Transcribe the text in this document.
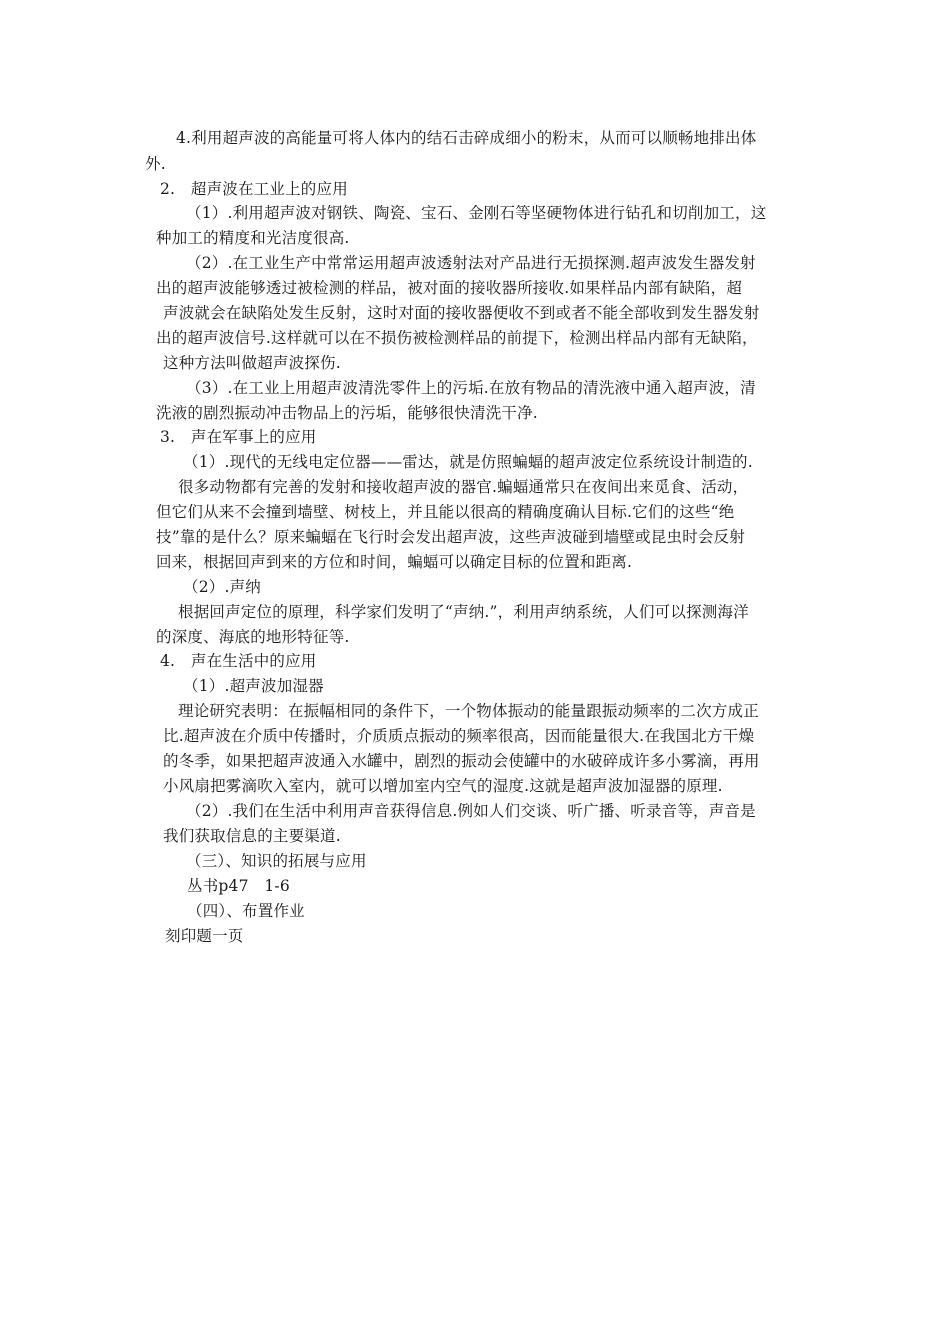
4.利用超声波的高能量可将人体内的结石击碎成细小的粉末，从而可以顺畅地排出体
外.
2.　超声波在工业上的应用
（1）.利用超声波对钢铁、陶瓷、宝石、金刚石等坚硬物体进行钻孔和切削加工，这
种加工的精度和光洁度很高.
（2）.在工业生产中常常运用超声波透射法对产品进行无损探测.超声波发生器发射
出的超声波能够透过被检测的样品，被对面的接收器所接收.如果样品内部有缺陷，超
声波就会在缺陷处发生反射，这时对面的接收器便收不到或者不能全部收到发生器发射
出的超声波信号.这样就可以在不损伤被检测样品的前提下，检测出样品内部有无缺陷，
这种方法叫做超声波探伤.
（3）.在工业上用超声波清洗零件上的污垢.在放有物品的清洗液中通入超声波，清
洗液的剧烈振动冲击物品上的污垢，能够很快清洗干净.
3.　声在军事上的应用
（1）.现代的无线电定位器——雷达，就是仿照蝙蝠的超声波定位系统设计制造的.
很多动物都有完善的发射和接收超声波的器官.蝙蝠通常只在夜间出来觅食、活动，
但它们从来不会撞到墙壁、树枝上，并且能以很高的精确度确认目标.它们的这些“绝
技”靠的是什么？原来蝙蝠在飞行时会发出超声波，这些声波碰到墙壁或昆虫时会反射
回来，根据回声到来的方位和时间，蝙蝠可以确定目标的位置和距离.
（2）.声纳
根据回声定位的原理，科学家们发明了“声纳.”，利用声纳系统，人们可以探测海洋
的深度、海底的地形特征等.
4.　声在生活中的应用
（1）.超声波加湿器
理论研究表明：在振幅相同的条件下，一个物体振动的能量跟振动频率的二次方成正
比.超声波在介质中传播时，介质质点振动的频率很高，因而能量很大.在我国北方干燥
的冬季，如果把超声波通入水罐中，剧烈的振动会使罐中的水破碎成许多小雾滴，再用
小风扇把雾滴吹入室内，就可以增加室内空气的湿度.这就是超声波加湿器的原理.
（2）.我们在生活中利用声音获得信息.例如人们交谈、听广播、听录音等，声音是
我们获取信息的主要渠道.
（三）、知识的拓展与应用
丛书p47　1-6
（四）、布置作业
刻印题一页
